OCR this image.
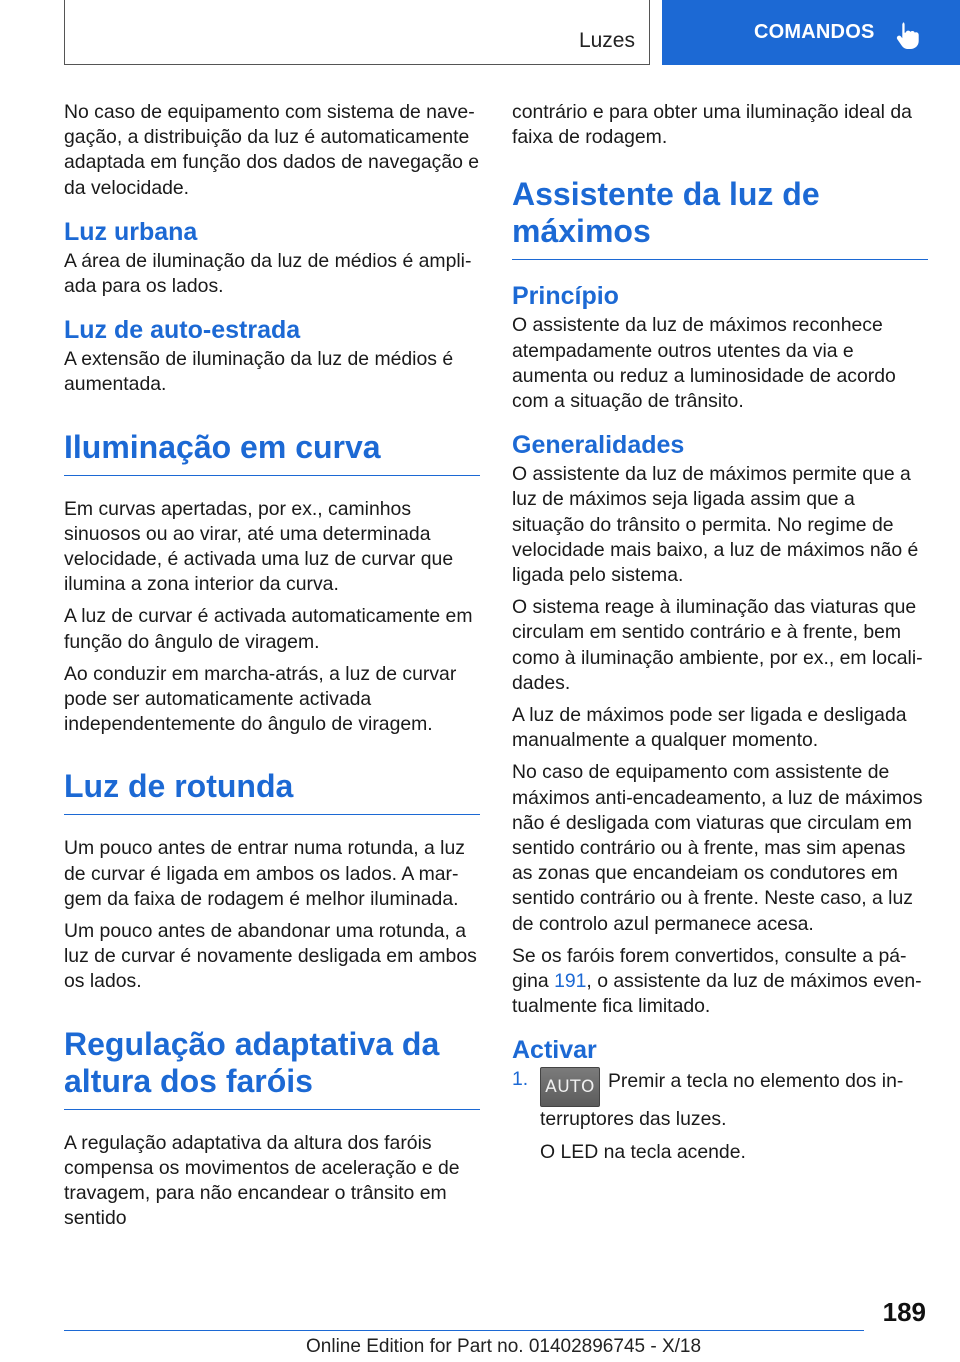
Luzes	COMANDOS

No caso de equipamento com sistema de navegação, a distribuição da luz é automaticamente adaptada em função dos dados de navegação e da velocidade.

Luz urbana

A área de iluminação da luz de médios é ampliada para os lados.

Luz de auto-estrada

A extensão de iluminação da luz de médios é aumentada.

Iluminação em curva

Em curvas apertadas, por ex., caminhos sinuosos ou ao virar, até uma determinada velocidade, é activada uma luz de curvar que ilumina a zona interior da curva.

A luz de curvar é activada automaticamente em função do ângulo de viragem.

Ao conduzir em marcha-atrás, a luz de curvar pode ser automaticamente activada independentemente do ângulo de viragem.

Luz de rotunda

Um pouco antes de entrar numa rotunda, a luz de curvar é ligada em ambos os lados. A margem da faixa de rodagem é melhor iluminada.

Um pouco antes de abandonar uma rotunda, a luz de curvar é novamente desligada em ambos os lados.

Regulação adaptativa da altura dos faróis

A regulação adaptativa da altura dos faróis compensa os movimentos de aceleração e de travagem, para não encandear o trânsito em sentido

contrário e para obter uma iluminação ideal da faixa de rodagem.

Assistente da luz de máximos
Princípio

O assistente da luz de máximos reconhece atempadamente outros utentes da via e aumenta ou reduz a luminosidade de acordo com a situação de trânsito.

Generalidades

O assistente da luz de máximos permite que a luz de máximos seja ligada assim que a situação do trânsito o permita. No regime de velocidade mais baixo, a luz de máximos não é ligada pelo sistema.

O sistema reage à iluminação das viaturas que circulam em sentido contrário e à frente, bem como à iluminação ambiente, por ex., em localidades.

A luz de máximos pode ser ligada e desligada manualmente a qualquer momento.

No caso de equipamento com assistente de máximos anti-encadeamento, a luz de máximos não é desligada com viaturas que circulam em sentido contrário ou à frente, mas sim apenas as zonas que encandeiam os condutores em sentido contrário ou à frente. Neste caso, a luz de controlo azul permanece acesa.

Se os faróis forem convertidos, consulte a página 191, o assistente da luz de máximos eventualmente fica limitado.

Activar
1. AUTO Premir a tecla no elemento dos interruptores das luzes.

O LED na tecla acende.

189
Online Edition for Part no. 01402896745 - X/18
